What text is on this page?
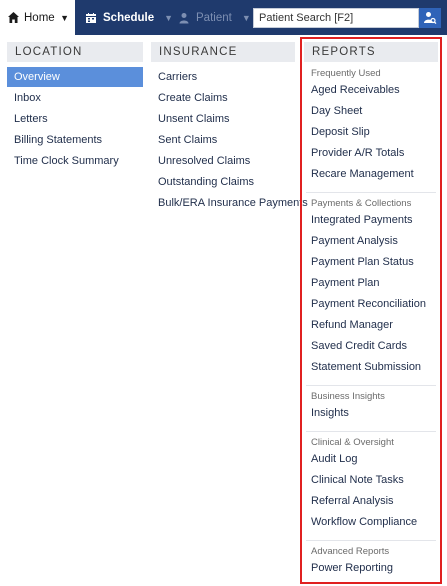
Home ▼	Schedule ▼ Patient ▼
Patient Search [F2]
LOCATION
Overview
Inbox
Letters
Billing Statements
Time Clock Summary
INSURANCE
Carriers
Create Claims
Unsent Claims
Sent Claims
Unresolved Claims
Outstanding Claims
Bulk/ERA Insurance Payments
REPORTS
Frequently Used
Aged Receivables
Day Sheet
Deposit Slip
Provider A/R Totals
Recare Management
Payments & Collections
Integrated Payments
Payment Analysis
Payment Plan Status
Payment Plan
Payment Reconciliation
Refund Manager
Saved Credit Cards
Statement Submission
Business Insights
Insights
Clinical & Oversight
Audit Log
Clinical Note Tasks
Referral Analysis
Workflow Compliance
Advanced Reports
Power Reporting
